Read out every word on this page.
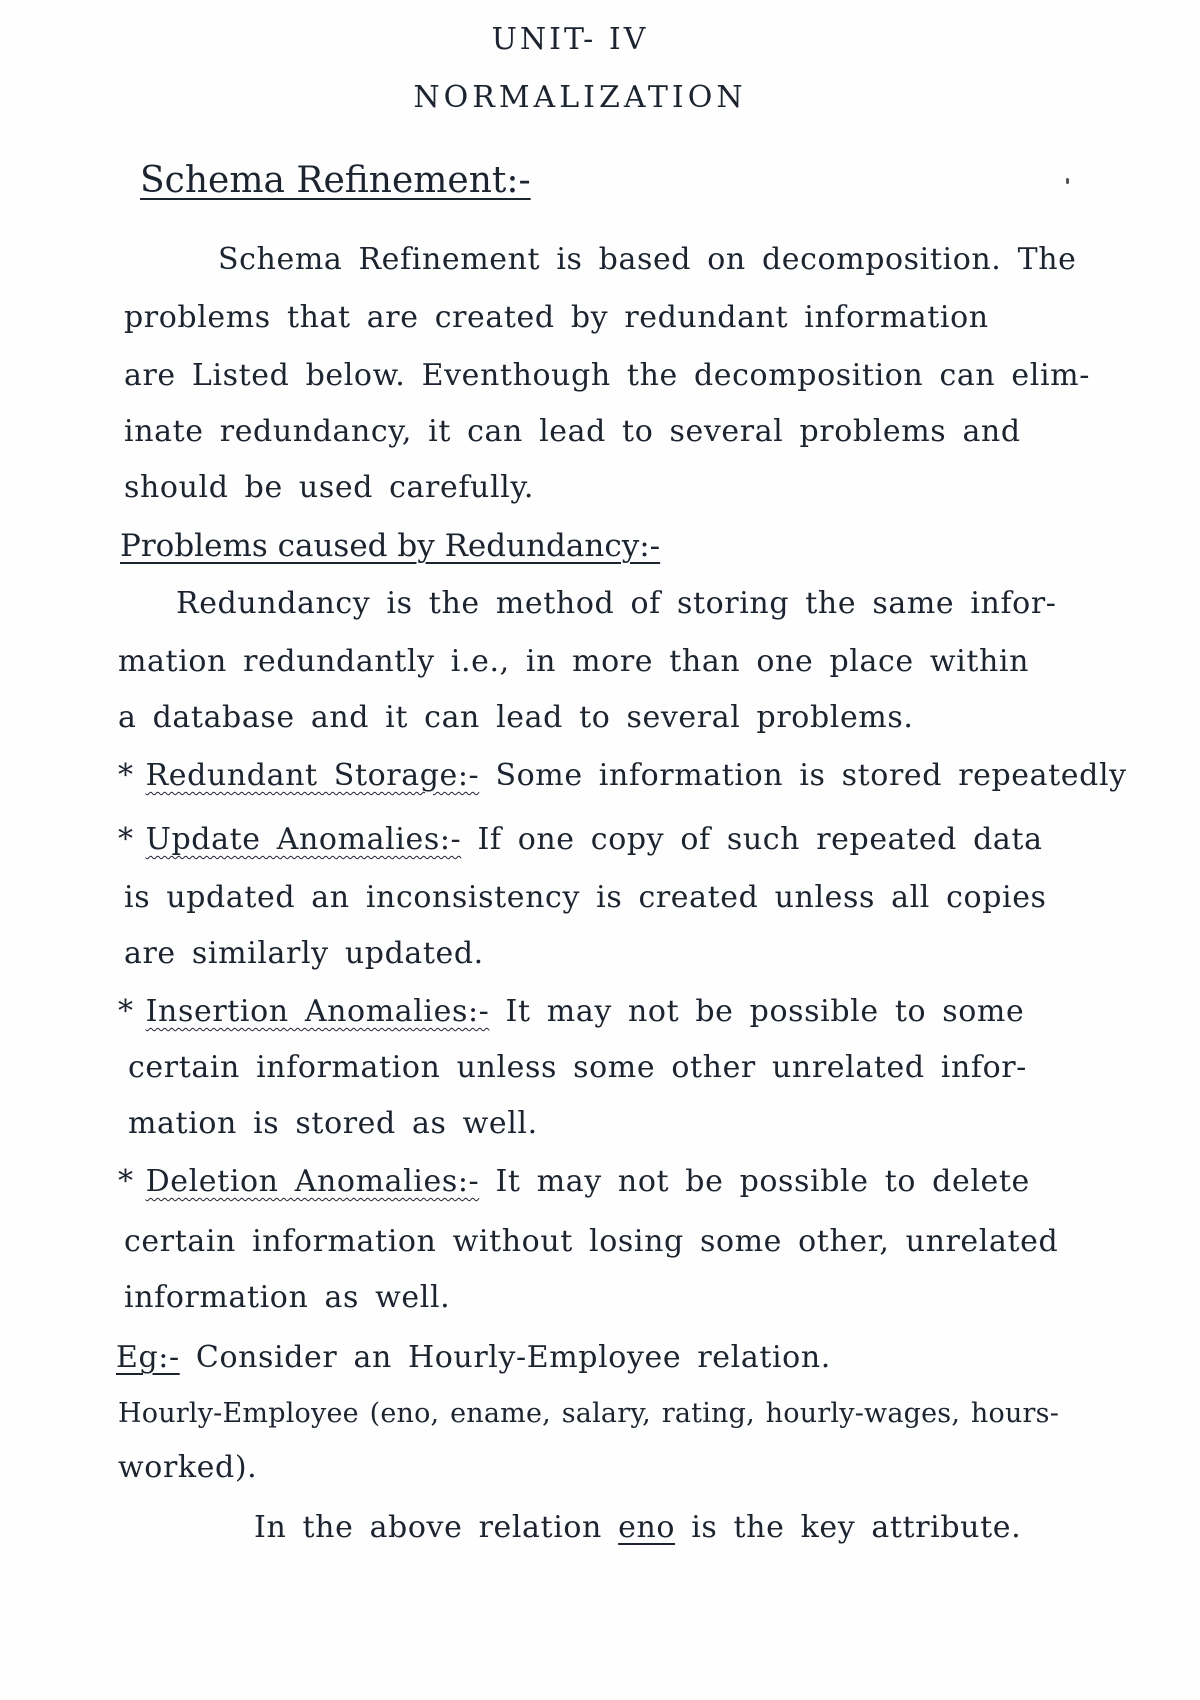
UNIT- IV
NORMALIZATION
Schema Refinement:-
Schema Refinement is based on decomposition. The
problems that are created by redundant information
are Listed below. Eventhough the decomposition can elim-
inate redundancy, it can lead to several problems and
should be used carefully.
Problems caused by Redundancy:-
Redundancy is the method of storing the same infor-
mation redundantly i.e., in more than one place within
a database and it can lead to several problems.
* Redundant Storage:- Some information is stored repeatedly
* Update Anomalies:- If one copy of such repeated data
is updated an inconsistency is created unless all copies
are similarly updated.
* Insertion Anomalies:- It may not be possible to some
certain information unless some other unrelated infor-
mation is stored as well.
* Deletion Anomalies:- It may not be possible to delete
certain information without losing some other, unrelated
information as well.
Eg:- Consider an Hourly-Employee relation.
Hourly-Employee (eno, ename, salary, rating, hourly-wages, hours-
worked).
In the above relation eno is the key attribute.
